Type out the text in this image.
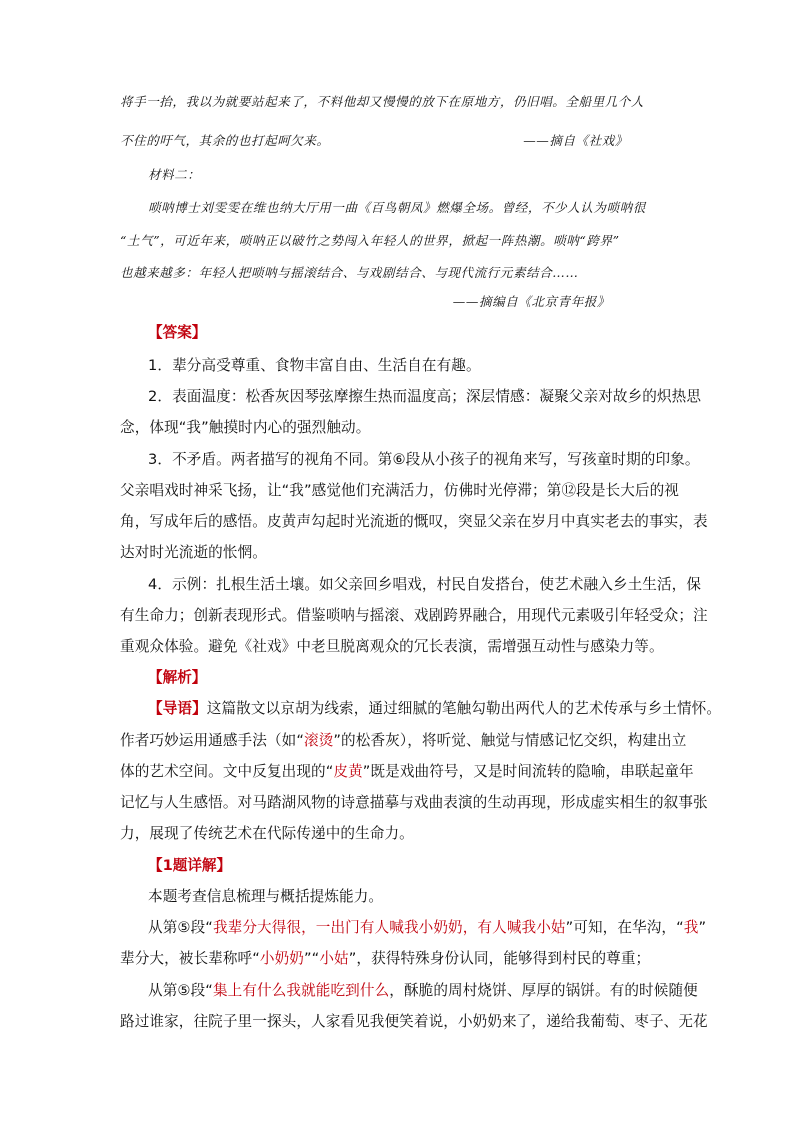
将手一抬，我以为就要站起来了，不料他却又慢慢的放下在原地方，仍旧唱。全船里几个人
不住的吁气，其余的也打起呵欠来。	——摘自《社戏》
材料二：
唢呐博士刘雯雯在维也纳大厅用一曲《百鸟朝凤》燃爆全场。曾经，不少人认为唢呐很
“土气”，可近年来，唢呐正以破竹之势闯入年轻人的世界，掀起一阵热潮。唢呐“跨界”
也越来越多：年轻人把唢呐与摇滚结合、与戏剧结合、与现代流行元素结合……
——摘编自《北京青年报》
【答案】
1．辈分高受尊重、食物丰富自由、生活自在有趣。
2．表面温度：松香灰因琴弦摩擦生热而温度高；深层情感：凝聚父亲对故乡的炽热思
念，体现“我”触摸时内心的强烈触动。
3．不矛盾。两者描写的视角不同。第⑥段从小孩子的视角来写，写孩童时期的印象。
父亲唱戏时神采飞扬，让“我”感觉他们充满活力，仿佛时光停滞；第⑫段是长大后的视
角，写成年后的感悟。皮黄声勾起时光流逝的慨叹，突显父亲在岁月中真实老去的事实，表
达对时光流逝的怅惘。
4．示例：扎根生活土壤。如父亲回乡唱戏，村民自发搭台，使艺术融入乡土生活，保
有生命力；创新表现形式。借鉴唢呐与摇滚、戏剧跨界融合，用现代元素吸引年轻受众；注
重观众体验。避免《社戏》中老旦脱离观众的冗长表演，需增强互动性与感染力等。
【解析】
【导语】这篇散文以京胡为线索，通过细腻的笔触勾勒出两代人的艺术传承与乡土情怀。
作者巧妙运用通感手法（如“滚烫”的松香灰），将听觉、触觉与情感记忆交织，构建出立
体的艺术空间。文中反复出现的“皮黄”既是戏曲符号，又是时间流转的隐喻，串联起童年
记忆与人生感悟。对马踏湖风物的诗意描摹与戏曲表演的生动再现，形成虚实相生的叙事张
力，展现了传统艺术在代际传递中的生命力。
【1题详解】
本题考查信息梳理与概括提炼能力。
从第⑤段“我辈分大得很，一出门有人喊我小奶奶，有人喊我小姑”可知，在华沟，“我”
辈分大，被长辈称呼“小奶奶”“小姑”，获得特殊身份认同，能够得到村民的尊重；
从第⑤段“集上有什么我就能吃到什么，酥脆的周村烧饼、厚厚的锅饼。有的时候随便
路过谁家，往院子里一探头，人家看见我便笑着说，小奶奶来了，递给我葡萄、枣子、无花
